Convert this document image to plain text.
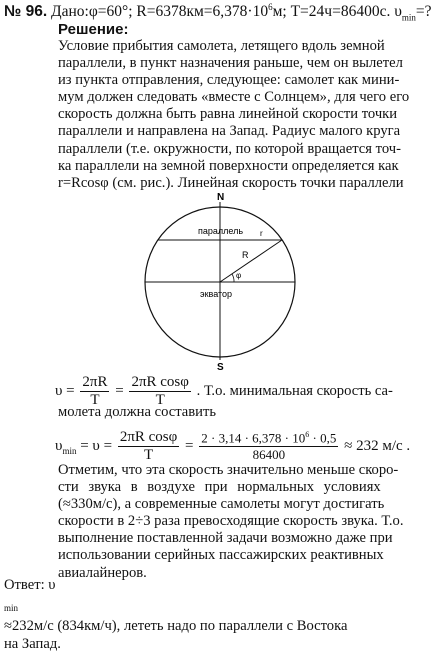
№ 96. Дано:φ=60°; $R=6378км=6,378\cdot 10^6м$; T=24ч=86400с. $\upsilon_{min}=$?
Решение:
Условие прибытия самолета, летящего вдоль земной
параллели, в пункт назначения раньше, чем он вылетел
из пункта отправления, следующее: самолет как мини-
мум должен следовать «вместе с Солнцем», для чего его
скорость должна быть равна линейной скорости точки
параллели и направлена на Запад. Радиус малого круга
параллели (т.е. окружности, по которой вращается точ-
ка параллели на земной поверхности определяется как
r=Rcosφ (см. рис.). Линейная скорость точки параллели
N
S
параллель
экватор
r
R
φ
$\upsilon = \frac{2\pi R}{T} = \frac{\text{2πR cosφ}}{T}$ . Т.о. минимальная скорость са-
молета должна составить
$\upsilon_{min} = \upsilon = \frac{\text{2πR cosφ}}{T} = \frac{2 \cdot 3,14 \cdot 6,378 \cdot 10^6 \cdot 0,5}{86400} \approx 232$ м/с .
Отметим, что эта скорость значительно меньше скоро-
сти звука в воздухе при нормальных условиях
(≈330м/с), а современные самолеты могут достигать
скорости в 2÷3 раза превосходящие скорость звука. Т.о.
выполнение поставленной задачи возможно даже при
использовании серийных пассажирских реактивных
авиалайнеров.
Ответ: υ
$_{min}$
≈232м/с (834км/ч), лететь надо по параллели с Востока
на Запад.
